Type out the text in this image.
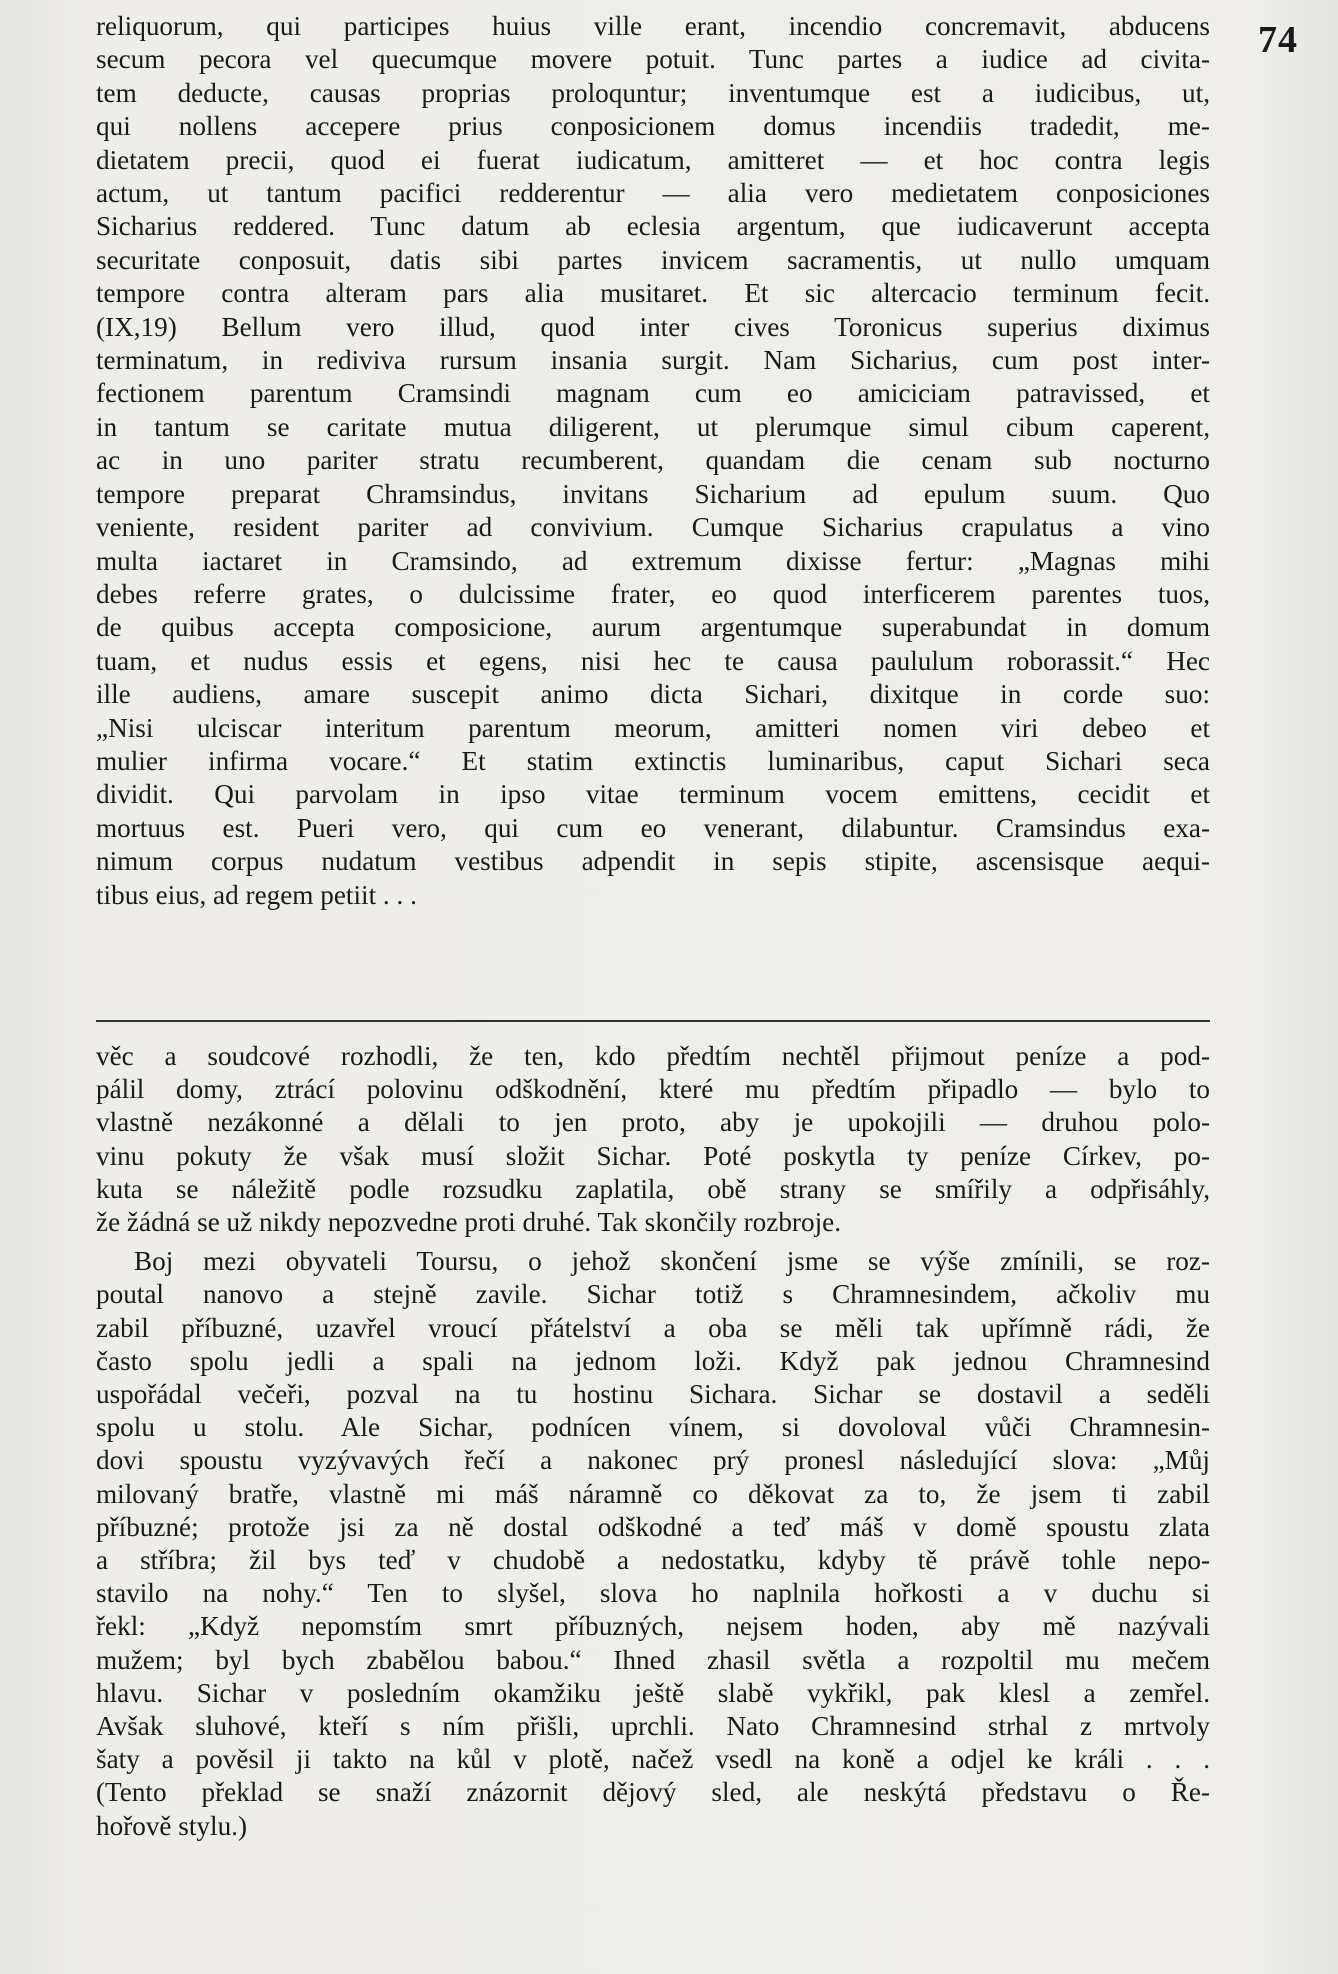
74
reliquorum, qui participes huius ville erant, incendio concremavit, abducens
secum pecora vel quecumque movere potuit. Tunc partes a iudice ad civita-
tem deducte, causas proprias proloquntur; inventumque est a iudicibus, ut,
qui nollens accepere prius conposicionem domus incendiis tradedit, me-
dietatem precii, quod ei fuerat iudicatum, amitteret — et hoc contra legis
actum, ut tantum pacifici redderentur — alia vero medietatem conposiciones
Sicharius reddered. Tunc datum ab eclesia argentum, que iudicaverunt accepta
securitate conposuit, datis sibi partes invicem sacramentis, ut nullo umquam
tempore contra alteram pars alia musitaret. Et sic altercacio terminum fecit.
(IX,19) Bellum vero illud, quod inter cives Toronicus superius diximus
terminatum, in rediviva rursum insania surgit. Nam Sicharius, cum post inter-
fectionem parentum Cramsindi magnam cum eo amiciciam patravissed, et
in tantum se caritate mutua diligerent, ut plerumque simul cibum caperent,
ac in uno pariter stratu recumberent, quandam die cenam sub nocturno
tempore preparat Chramsindus, invitans Sicharium ad epulum suum. Quo
veniente, resident pariter ad convivium. Cumque Sicharius crapulatus a vino
multa iactaret in Cramsindo, ad extremum dixisse fertur: „Magnas mihi
debes referre grates, o dulcissime frater, eo quod interficerem parentes tuos,
de quibus accepta composicione, aurum argentumque superabundat in domum
tuam, et nudus essis et egens, nisi hec te causa paululum roborassit.“ Hec
ille audiens, amare suscepit animo dicta Sichari, dixitque in corde suo:
„Nisi ulciscar interitum parentum meorum, amitteri nomen viri debeo et
mulier infirma vocare.“ Et statim extinctis luminaribus, caput Sichari seca
dividit. Qui parvolam in ipso vitae terminum vocem emittens, cecidit et
mortuus est. Pueri vero, qui cum eo venerant, dilabuntur. Cramsindus exa-
nimum corpus nudatum vestibus adpendit in sepis stipite, ascensisque aequi-
tibus eius, ad regem petiit . . .
věc a soudcové rozhodli, že ten, kdo předtím nechtěl přijmout peníze a pod-
pálil domy, ztrácí polovinu odškodnění, které mu předtím připadlo — bylo to
vlastně nezákonné a dělali to jen proto, aby je upokojili — druhou polo-
vinu pokuty že však musí složit Sichar. Poté poskytla ty peníze Církev, po-
kuta se náležitě podle rozsudku zaplatila, obě strany se smířily a odpřisáhly,
že žádná se už nikdy nepozvedne proti druhé. Tak skončily rozbroje.
Boj mezi obyvateli Toursu, o jehož skončení jsme se výše zmínili, se roz-
poutal nanovo a stejně zavile. Sichar totiž s Chramnesindem, ačkoliv mu
zabil příbuzné, uzavřel vroucí přátelství a oba se měli tak upřímně rádi, že
často spolu jedli a spali na jednom loži. Když pak jednou Chramnesind
uspořádal večeři, pozval na tu hostinu Sichara. Sichar se dostavil a seděli
spolu u stolu. Ale Sichar, podnícen vínem, si dovoloval vůči Chramnesin-
dovi spoustu vyzývavých řečí a nakonec prý pronesl následující slova: „Můj
milovaný bratře, vlastně mi máš náramně co děkovat za to, že jsem ti zabil
příbuzné; protože jsi za ně dostal odškodné a teď máš v domě spoustu zlata
a stříbra; žil bys teď v chudobě a nedostatku, kdyby tě právě tohle nepo-
stavilo na nohy.“ Ten to slyšel, slova ho naplnila hořkosti a v duchu si
řekl: „Když nepomstím smrt příbuzných, nejsem hoden, aby mě nazývali
mužem; byl bych zbabělou babou.“ Ihned zhasil světla a rozpoltil mu mečem
hlavu. Sichar v posledním okamžiku ještě slabě vykřikl, pak klesl a zemřel.
Avšak sluhové, kteří s ním přišli, uprchli. Nato Chramnesind strhal z mrtvoly
šaty a pověsil ji takto na kůl v plotě, načež vsedl na koně a odjel ke králi . . .
(Tento překlad se snaží znázornit dějový sled, ale neskýtá představu o Ře-
hořově stylu.)
